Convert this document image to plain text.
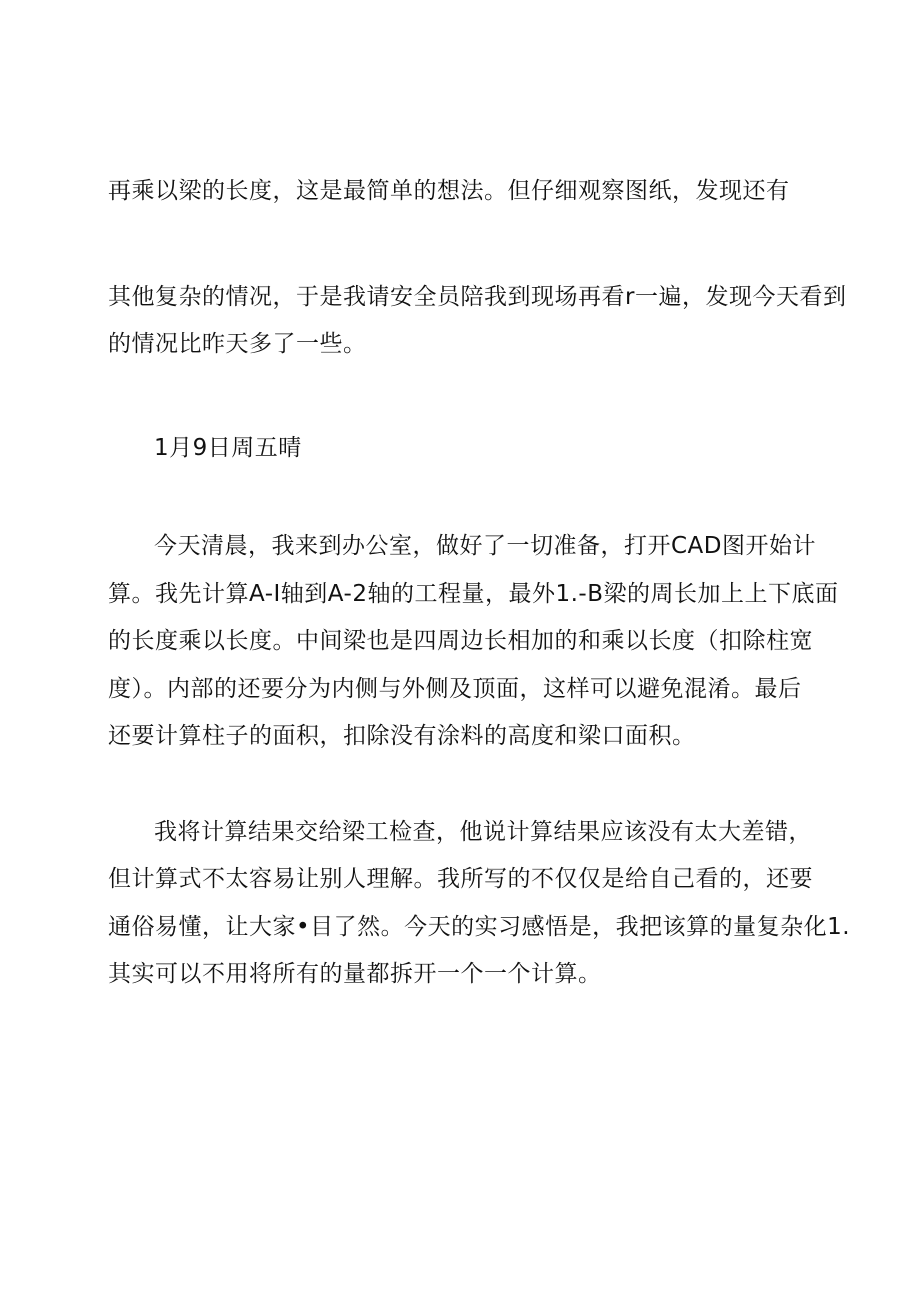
再乘以梁的长度，这是最简单的想法。但仔细观察图纸，发现还有
其他复杂的情况，于是我请安全员陪我到现场再看r一遍，发现今天看到
的情况比昨天多了一些。
1月9日周五晴
今天清晨，我来到办公室，做好了一切准备，打开CAD图开始计
算。我先计算A-I轴到A-2轴的工程量，最外1.-B梁的周长加上上下底面
的长度乘以长度。中间梁也是四周边长相加的和乘以长度（扣除柱宽
度）。内部的还要分为内侧与外侧及顶面，这样可以避免混淆。最后
还要计算柱子的面积，扣除没有涂料的高度和梁口面积。
我将计算结果交给梁工检查，他说计算结果应该没有太大差错，
但计算式不太容易让别人理解。我所写的不仅仅是给自己看的，还要
通俗易懂，让大家•目了然。今天的实习感悟是，我把该算的量复杂化1.
其实可以不用将所有的量都拆开一个一个计算。
